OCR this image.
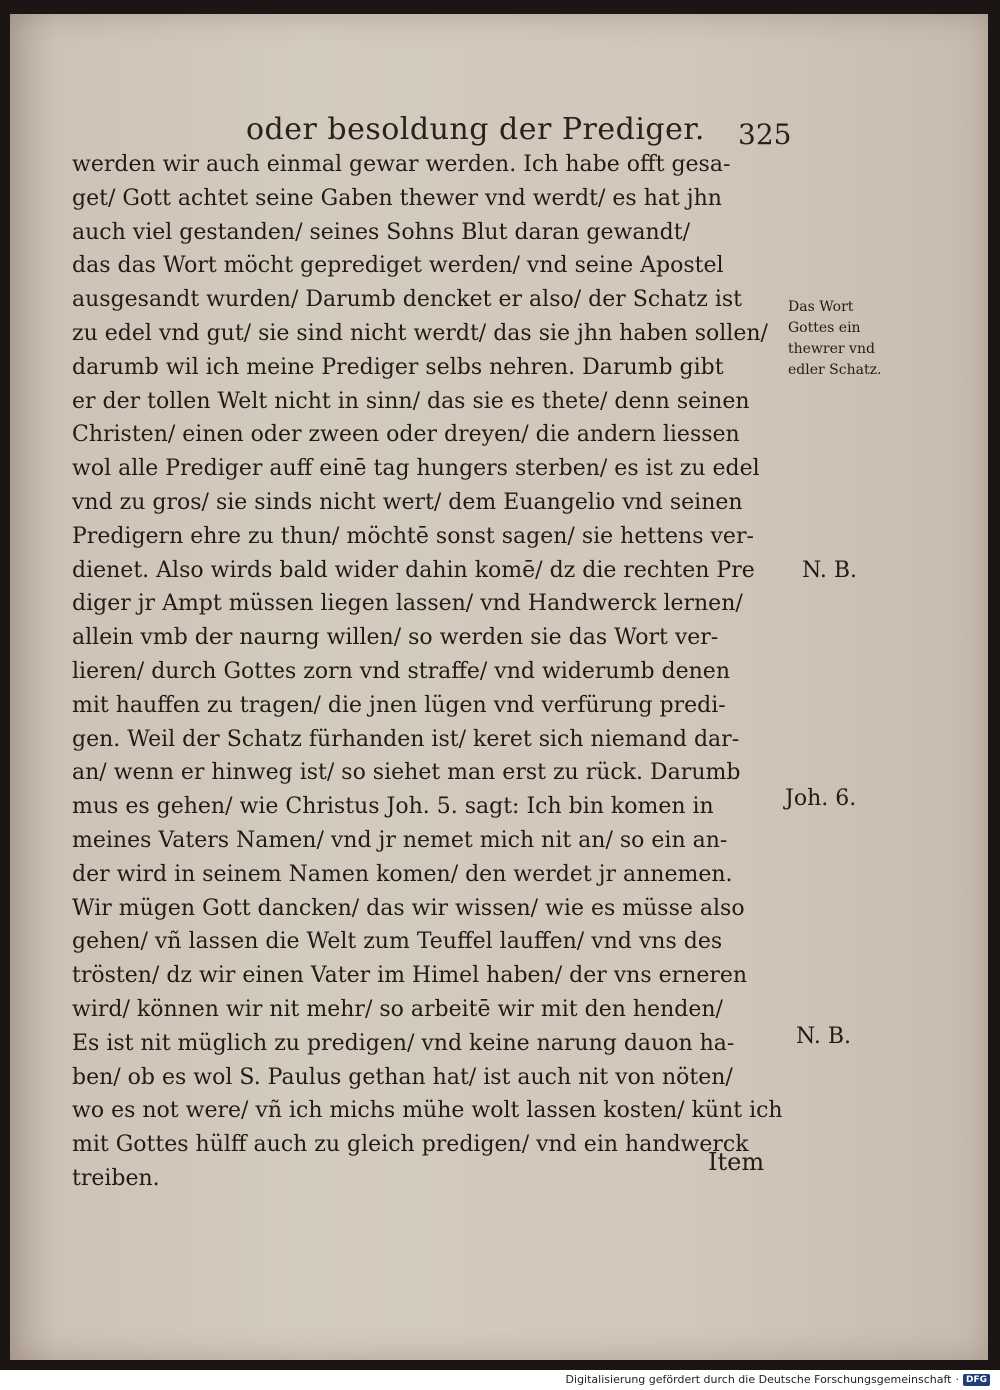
oder besoldung der Prediger. 325
werden wir auch einmal gewar werden. Ich habe offt gesa-
get/ Gott achtet seine Gaben thewer vnd werdt/ es hat jhn
auch viel gestanden/ seines Sohns Blut daran gewandt/
das das Wort möcht geprediget werden/ vnd seine Apostel
ausgesandt wurden/ Darumb dencket er also/ der Schatz ist
zu edel vnd gut/ sie sind nicht werdt/ das sie jhn haben sollen/
darumb wil ich meine Prediger selbs nehren. Darumb gibt
er der tollen Welt nicht in sinn/ das sie es thete/ denn seinen
Christen/ einen oder zween oder dreyen/ die andern liessen
wol alle Prediger auff einē tag hungers sterben/ es ist zu edel
vnd zu gros/ sie sinds nicht wert/ dem Euangelio vnd seinen
Predigern ehre zu thun/ möchtē sonst sagen/ sie hettens ver-
dienet. Also wirds bald wider dahin komē/ dz die rechten Pre
diger jr Ampt müssen liegen lassen/ vnd Handwerck lernen/
allein vmb der naurng willen/ so werden sie das Wort ver-
lieren/ durch Gottes zorn vnd straffe/ vnd widerumb denen
mit hauffen zu tragen/ die jnen lügen vnd verfürung predi-
gen. Weil der Schatz fürhanden ist/ keret sich niemand dar-
an/ wenn er hinweg ist/ so siehet man erst zu rück. Darumb
mus es gehen/ wie Christus Joh. 5. sagt: Ich bin komen in
meines Vaters Namen/ vnd jr nemet mich nit an/ so ein an-
der wird in seinem Namen komen/ den werdet jr annemen.
Wir mügen Gott dancken/ das wir wissen/ wie es müsse also
gehen/ vñ lassen die Welt zum Teuffel lauffen/ vnd vns des
trösten/ dz wir einen Vater im Himel haben/ der vns erneren
wird/ können wir nit mehr/ so arbeitē wir mit den henden/
Es ist nit müglich zu predigen/ vnd keine narung dauon ha-
ben/ ob es wol S. Paulus gethan hat/ ist auch nit von nöten/
wo es not were/ vñ ich michs mühe wolt lassen kosten/ künt ich
mit Gottes hülff auch zu gleich predigen/ vnd ein handwerck
treiben.
Item
Das Wort
Gottes ein
thewrer vnd
edler Schatz.
N. B.
Joh. 6.
N. B.
Digitalisierung gefördert durch die Deutsche Forschungsgemeinschaft · DFG
